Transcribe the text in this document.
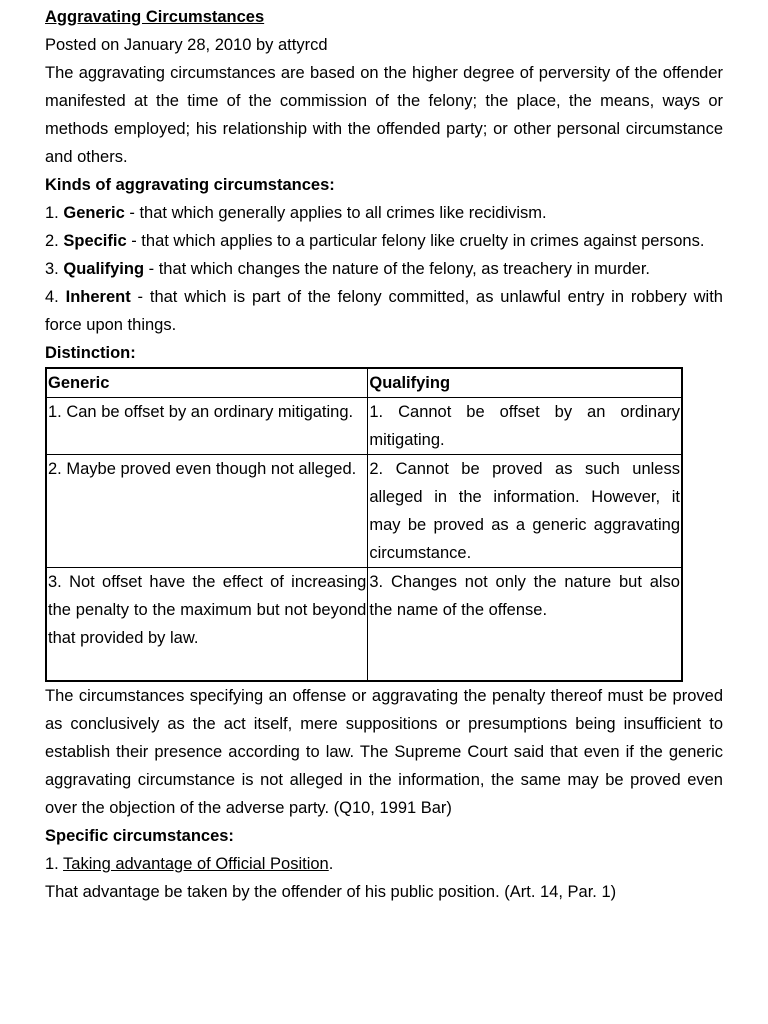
Aggravating Circumstances
Posted on January 28, 2010 by attyrcd
The aggravating circumstances are based on the higher degree of perversity of the offender manifested at the time of the commission of the felony; the place, the means, ways or methods employed; his relationship with the offended party; or other personal circumstance and others.
Kinds of aggravating circumstances:
1. Generic - that which generally applies to all crimes like recidivism.
2. Specific - that which applies to a particular felony like cruelty in crimes against persons.
3. Qualifying - that which changes the nature of the felony, as treachery in murder.
4. Inherent - that which is part of the felony committed, as unlawful entry in robbery with force upon things.
Distinction:
Generic	Qualifying
1. Can be offset by an ordinary mitigating.	1. Cannot be offset by an ordinary mitigating.
2. Maybe proved even though not alleged.	2. Cannot be proved as such unless alleged in the information. However, it may be proved as a generic aggravating circumstance.
3. Not offset have the effect of increasing the penalty to the maximum but not beyond that provided by law.	3. Changes not only the nature but also the name of the offense.
The circumstances specifying an offense or aggravating the penalty thereof must be proved as conclusively as the act itself, mere suppositions or presumptions being insufficient to establish their presence according to law. The Supreme Court said that even if the generic aggravating circumstance is not alleged in the information, the same may be proved even over the objection of the adverse party. (Q10, 1991 Bar)
Specific circumstances:
1. Taking advantage of Official Position.
That advantage be taken by the offender of his public position. (Art. 14, Par. 1)
